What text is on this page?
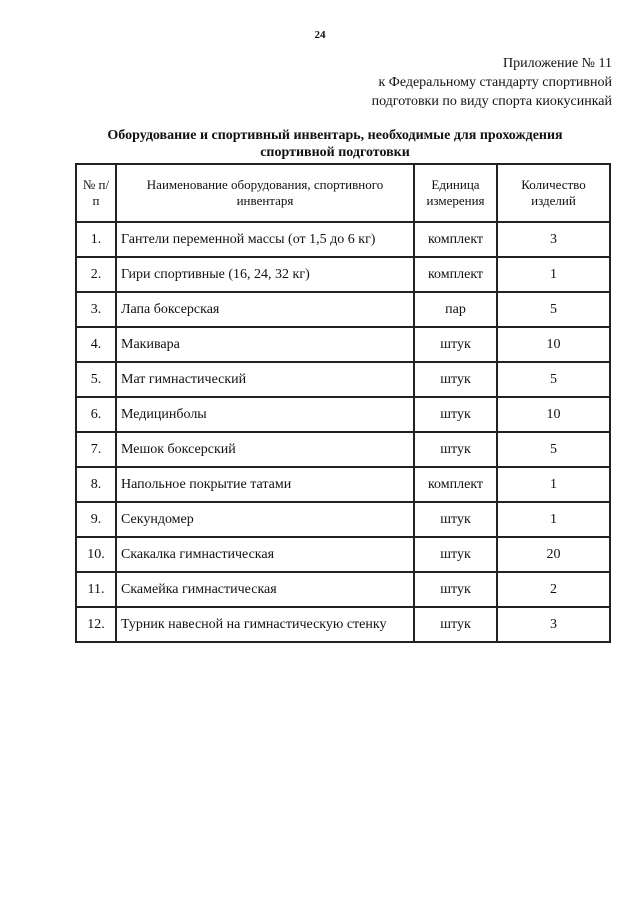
24
Приложение № 11
к Федеральному стандарту спортивной
подготовки по виду спорта киокусинкай
Оборудование и спортивный инвентарь, необходимые для прохождения
спортивной подготовки
№ п/п	Наименование оборудования, спортивного инвентаря	Единица измерения	Количество изделий
1.	Гантели переменной массы (от 1,5 до 6 кг)	комплект	3
2.	Гири спортивные (16, 24, 32 кг)	комплект	1
3.	Лапа боксерская	пар	5
4.	Макивара	штук	10
5.	Мат гимнастический	штук	5
6.	Медицинболы	штук	10
7.	Мешок боксерский	штук	5
8.	Напольное покрытие татами	комплект	1
9.	Секундомер	штук	1
10.	Скакалка гимнастическая	штук	20
11.	Скамейка гимнастическая	штук	2
12.	Турник навесной на гимнастическую стенку	штук	3
